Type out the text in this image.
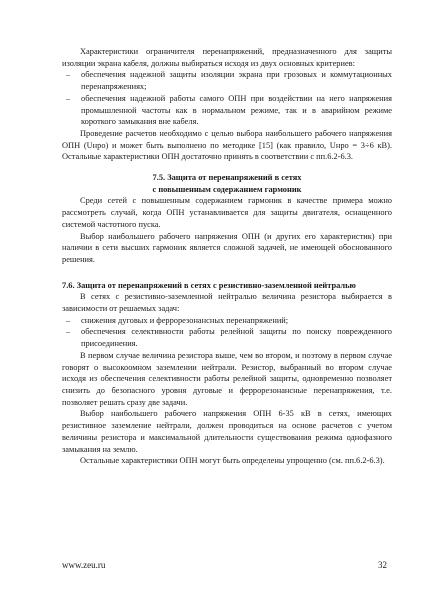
Характеристики ограничителя перенапряжений, предназначенного для защиты изоляции экрана кабеля, должны выбираться исходя из двух основных критериев:

– обеспечения надежной защиты изоляции экрана при грозовых и коммутационных перенапряжениях;
– обеспечения надежной работы самого ОПН при воздействии на него напряжения промышленной частоты как в нормальном режиме, так и в аварийном режиме короткого замыкания вне кабеля.

Проведение расчетов необходимо с целью выбора наибольшего рабочего напряжения ОПН (Uнро) и может быть выполнено по методике [15] (как правило, Uнро = 3÷6 кВ). Остальные характеристики ОПН достаточно принять в соответствии с пп.6.2-6.3.

7.5. Защита от перенапряжений в сетях

с повышенным содержанием гармоник

Среди сетей с повышенным содержанием гармоник в качестве примера можно рассмотреть случай, когда ОПН устанавливается для защиты двигателя, оснащенного системой частотного пуска.

Выбор наибольшего рабочего напряжения ОПН (и других его характеристик) при наличии в сети высших гармоник является сложной задачей, не имеющей обоснованного решения.

7.6. Защита от перенапряжений в сетях с резистивно-заземленной нейтралью

В сетях с резистивно-заземленной нейтралью величина резистора выбирается в зависимости от решаемых задач:

– снижения дуговых и феррорезонансных перенапряжений;
– обеспечения селективности работы релейной защиты по поиску поврежденного присоединения.

В первом случае величина резистора выше, чем во втором, и поэтому в первом случае говорят о высокоомном заземлении нейтрали. Резистор, выбранный во втором случае исходя из обеспечения селективности работы релейной защиты, одновременно позволяет снизить до безопасного уровня дуговые и феррорезонансные перенапряжения, т.е. позволяет решать сразу две задачи.

Выбор наибольшего рабочего напряжения ОПН 6-35 кВ в сетях, имеющих резистивное заземление нейтрали, должен проводиться на основе расчетов с учетом величины резистора и максимальной длительности существования режима однофазного замыкания на землю.

Остальные характеристики ОПН могут быть определены упрощенно (см. пп.6.2-6.3).

www.zeu.ru	32
